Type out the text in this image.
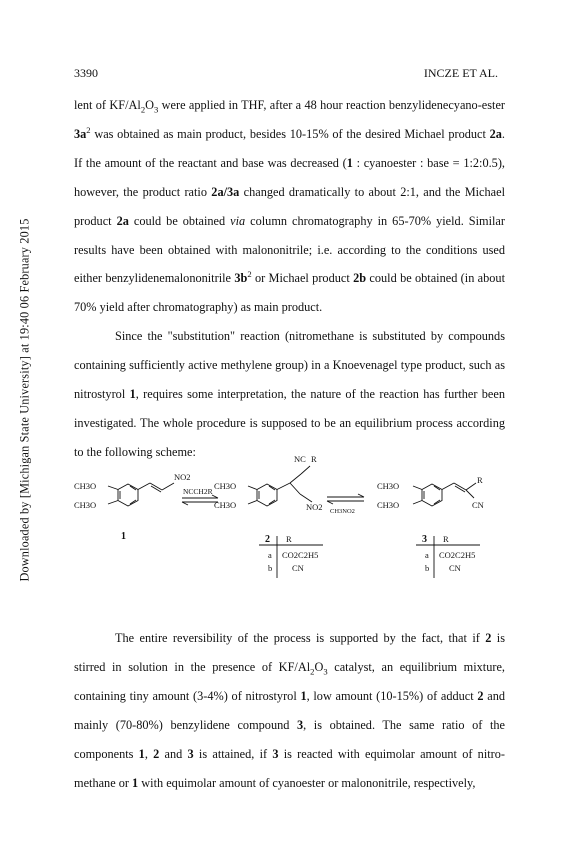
Downloaded by [Michigan State University] at 19:40 06 February 2015
3390	INCZE ET AL.

lent of $KF/Al_2O_3$ were applied in THF, after a 48 hour reaction benzylidenecyano-ester $3a^2$ was obtained as main product, besides 10-15% of the desired Michael product 2a. If the amount of the reactant and base was decreased (1 : cyanoester : base = 1:2:0.5), however, the product ratio 2a/3a changed dramatically to about 2:1, and the Michael product 2a could be obtained via column chromatography in 65-70% yield. Similar results have been obtained with malononitrile; i.e. according to the conditions used either benzylidenemalononitrile $3b^2$ or Michael product 2b could be obtained (in about 70% yield after chromatography) as main product.

Since the "substitution" reaction (nitromethane is substituted by compounds containing sufficiently active methylene group) in a Knoevenagel type product, such as nitrostyrol 1, requires some interpretation, the nature of the reaction has further been investigated. The whole procedure is supposed to be an equilibrium process according to the following scheme:

CH3O
CH3O
NO2
NCCH2R
1
CH3O
CH3O
NC R
NO2 CH3NO2
CH3O
CH3O
R
CN
2 R
a CO2C2H5
b CN
3 R
a CO2C2H5
b CN

The entire reversibility of the process is supported by the fact, that if 2 is stirred in solution in the presence of $KF/Al_2O_3$ catalyst, an equilibrium mixture, containing tiny amount (3-4%) of nitrostyrol 1, low amount (10-15%) of adduct 2 and mainly (70-80%) benzylidene compound 3, is obtained. The same ratio of the components 1, 2 and 3 is attained, if 3 is reacted with equimolar amount of nitro-methane or 1 with equimolar amount of cyanoester or malononitrile, respectively,
